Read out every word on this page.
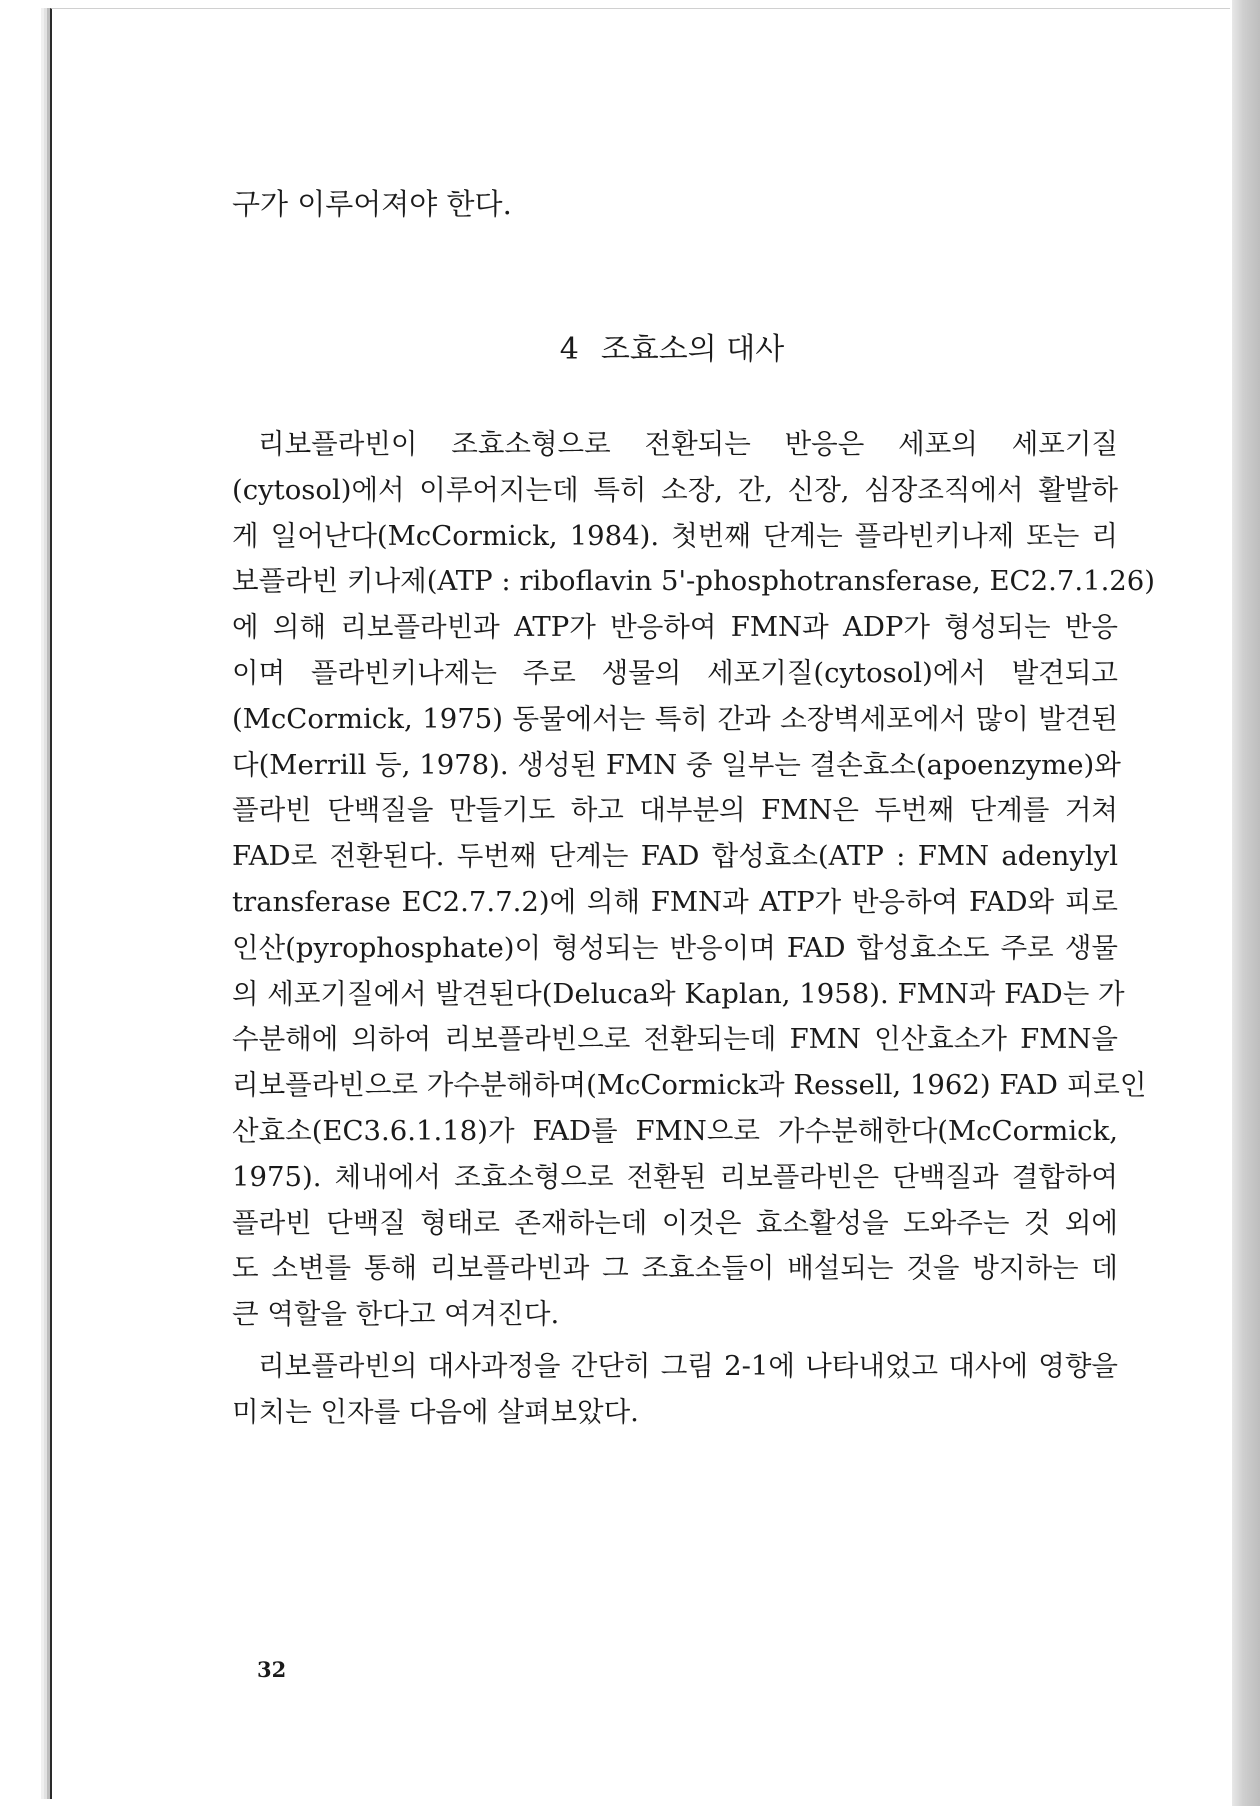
구가 이루어져야 한다.
4 조효소의 대사
리보플라빈이 조효소형으로 전환되는 반응은 세포의 세포기질
(cytosol)에서 이루어지는데 특히 소장, 간, 신장, 심장조직에서 활발하
게 일어난다(McCormick, 1984). 첫번째 단계는 플라빈키나제 또는 리
보플라빈 키나제(ATP : riboflavin 5'-phosphotransferase, EC2.7.1.26)
에 의해 리보플라빈과 ATP가 반응하여 FMN과 ADP가 형성되는 반응
이며 플라빈키나제는 주로 생물의 세포기질(cytosol)에서 발견되고
(McCormick, 1975) 동물에서는 특히 간과 소장벽세포에서 많이 발견된
다(Merrill 등, 1978). 생성된 FMN 중 일부는 결손효소(apoenzyme)와
플라빈 단백질을 만들기도 하고 대부분의 FMN은 두번째 단계를 거쳐
FAD로 전환된다. 두번째 단계는 FAD 합성효소(ATP : FMN adenylyl
transferase EC2.7.7.2)에 의해 FMN과 ATP가 반응하여 FAD와 피로
인산(pyrophosphate)이 형성되는 반응이며 FAD 합성효소도 주로 생물
의 세포기질에서 발견된다(Deluca와 Kaplan, 1958). FMN과 FAD는 가
수분해에 의하여 리보플라빈으로 전환되는데 FMN 인산효소가 FMN을
리보플라빈으로 가수분해하며(McCormick과 Ressell, 1962) FAD 피로인
산효소(EC3.6.1.18)가 FAD를 FMN으로 가수분해한다(McCormick,
1975). 체내에서 조효소형으로 전환된 리보플라빈은 단백질과 결합하여
플라빈 단백질 형태로 존재하는데 이것은 효소활성을 도와주는 것 외에
도 소변를 통해 리보플라빈과 그 조효소들이 배설되는 것을 방지하는 데
큰 역할을 한다고 여겨진다.
리보플라빈의 대사과정을 간단히 그림 2-1에 나타내었고 대사에 영향을
미치는 인자를 다음에 살펴보았다.
32
